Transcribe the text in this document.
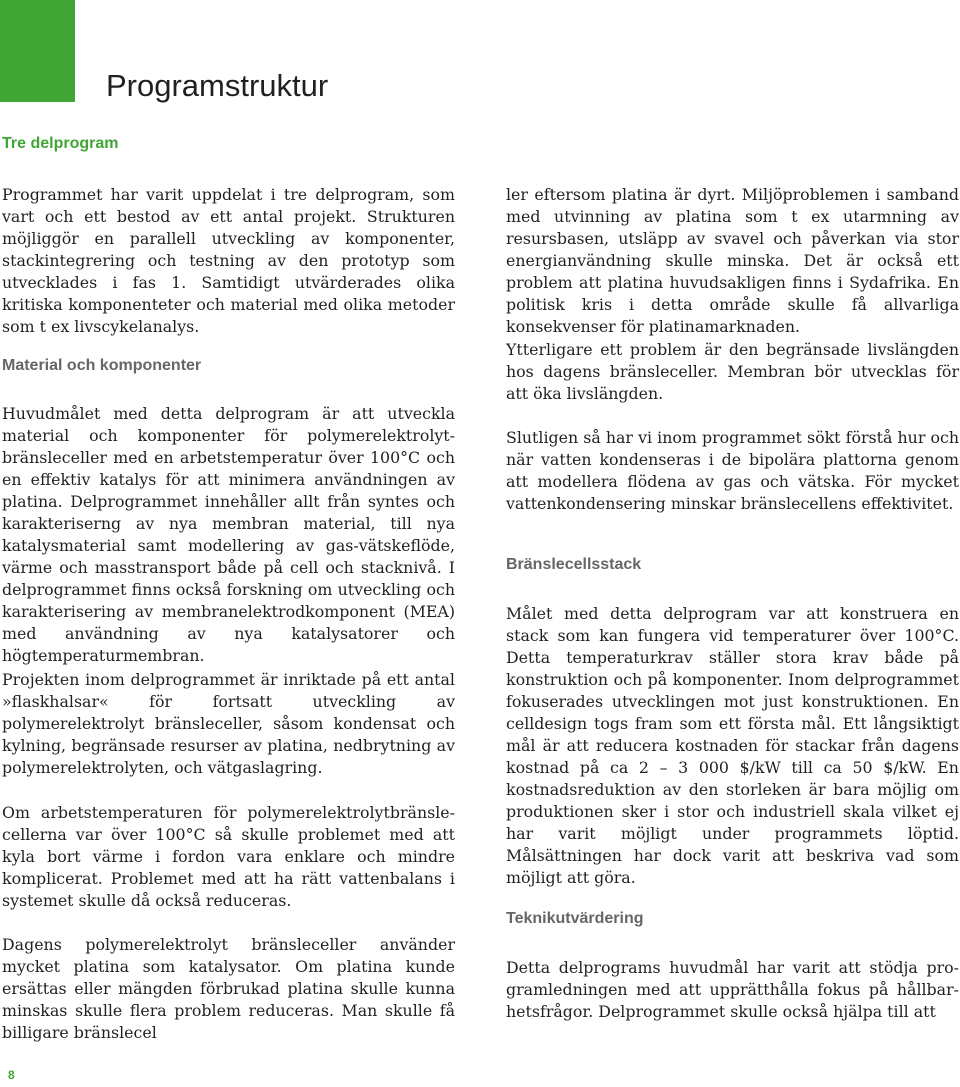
Programstruktur
Tre delprogram

Programmet har varit uppdelat i tre delprogram, som vart och ett bestod av ett antal projekt. Strukturen möjliggör en parallell utveckling av komponenter, stackintegrering och testning av den prototyp som utvecklades i fas 1. Samtidigt utvärderades olika kritiska komponenteter och material med olika metoder som t ex livscykelanalys.

Material och komponenter

Huvudmålet med detta delprogram är att utveckla material och komponenter för polymerelektrolyt-bränsleceller med en arbetstemperatur över 100°C och en effektiv katalys för att minimera användningen av platina. Delprogrammet innehåller allt från syntes och karakteriserng av nya membran material, till nya katalysmaterial samt modellering av gas-vätskeflöde, värme och masstransport både på cell och stacknivå. I delprogrammet finns också forskning om utveckling och karakterisering av membranelektrodkomponent (MEA) med användning av nya katalysatorer och högtemperaturmembran.

Projekten inom delprogrammet är inriktade på ett antal »flaskhalsar« för fortsatt utveckling av polymerelektrolyt bränsleceller, såsom kondensat och kylning, begränsade resurser av platina, nedbrytning av polymerelektrolyten, och vätgaslagring.

Om arbetstemperaturen för polymerelektrolytbränslecellerna var över 100°C så skulle problemet med att kyla bort värme i fordon vara enklare och mindre komplicerat. Problemet med att ha rätt vattenbalans i systemet skulle då också reduceras.

Dagens polymerelektrolyt bränsleceller använder mycket platina som katalysator. Om platina kunde ersättas eller mängden förbrukad platina skulle kunna minskas skulle flera problem reduceras. Man skulle få billigare bränslecel

ler eftersom platina är dyrt. Miljöproblemen i samband med utvinning av platina som t ex utarmning av resursbasen, utsläpp av svavel och påverkan via stor energianvändning skulle minska. Det är också ett problem att platina huvudsakligen finns i Sydafrika. En politisk kris i detta område skulle få allvarliga konsekvenser för platinamarknaden.

Ytterligare ett problem är den begränsade livslängden hos dagens bränsleceller. Membran bör utvecklas för att öka livslängden.

Slutligen så har vi inom programmet sökt förstå hur och när vatten kondenseras i de bipolära plattorna genom att modellera flödena av gas och vätska. För mycket vattenkondensering minskar bränslecellens effektivitet.

Bränslecellsstack

Målet med detta delprogram var att konstruera en stack som kan fungera vid temperaturer över 100°C. Detta temperaturkrav ställer stora krav både på konstruktion och på komponenter. Inom delprogrammet fokuserades utvecklingen mot just konstruktionen. En celldesign togs fram som ett första mål. Ett långsiktigt mål är att reducera kostnaden för stackar från dagens kostnad på ca 2 – 3 000 $/kW till ca 50 $/kW. En kostnadsreduktion av den storleken är bara möjlig om produktionen sker i stor och industriell skala vilket ej har varit möjligt under programmets löptid. Målsättningen har dock varit att beskriva vad som möjligt att göra.

Teknikutvärdering

Detta delprograms huvudmål har varit att stödja programledningen med att upprätthålla fokus på hållbarhetsfrågor. Delprogrammet skulle också hjälpa till att

8
